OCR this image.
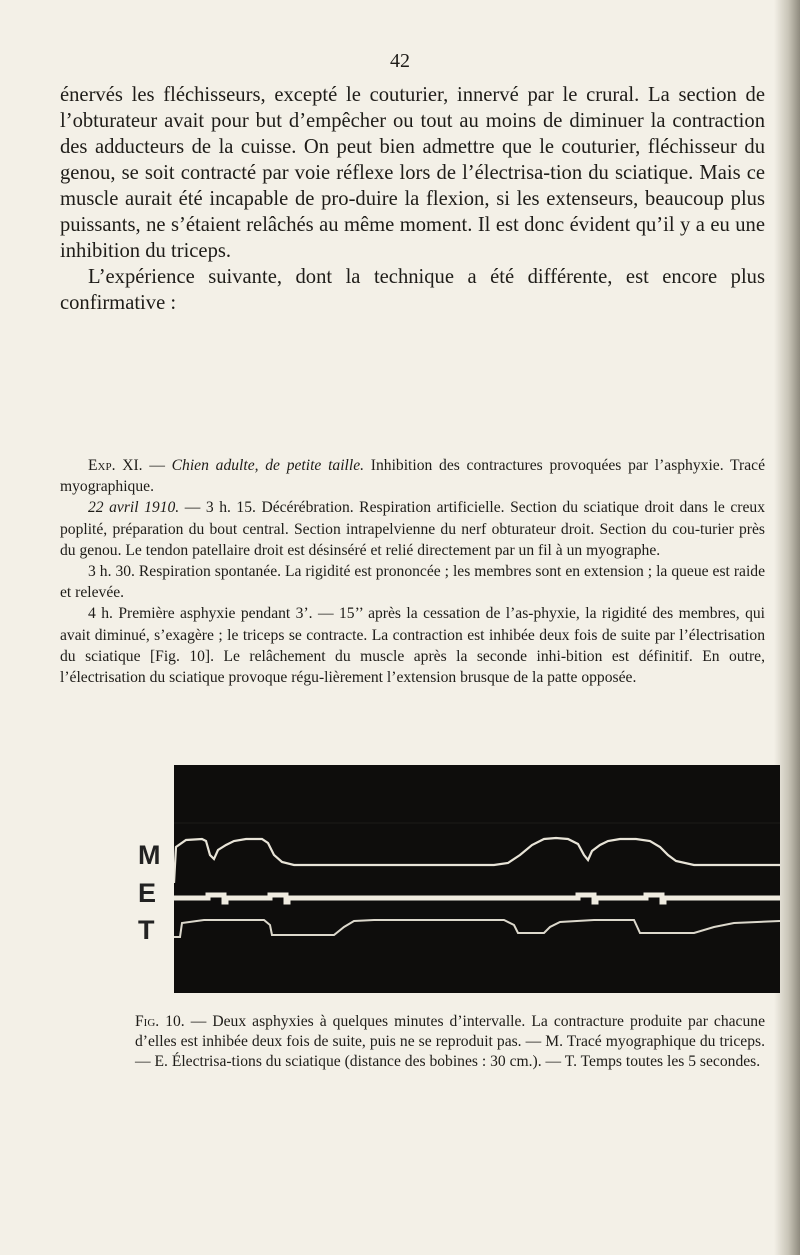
42

énervés les fléchisseurs, excepté le couturier, innervé par le crural. La section de l’obturateur avait pour but d’empêcher ou tout au moins de diminuer la contraction des adducteurs de la cuisse. On peut bien admettre que le couturier, fléchisseur du genou, se soit contracté par voie réflexe lors de l’électrisa-tion du sciatique. Mais ce muscle aurait été incapable de pro-duire la flexion, si les extenseurs, beaucoup plus puissants, ne s’étaient relâchés au même moment. Il est donc évident qu’il y a eu une inhibition du triceps.

L’expérience suivante, dont la technique a été différente, est encore plus confirmative :

Exp. XI. — Chien adulte, de petite taille. Inhibition des contractures provoquées par l’asphyxie. Tracé myographique.

22 avril 1910. — 3 h. 15. Décérébration. Respiration artificielle. Section du sciatique droit dans le creux poplité, préparation du bout central. Section intrapelvienne du nerf obturateur droit. Section du cou-turier près du genou. Le tendon patellaire droit est désinséré et relié directement par un fil à un myographe.

3 h. 30. Respiration spontanée. La rigidité est prononcée ; les membres sont en extension ; la queue est raide et relevée.

4 h. Première asphyxie pendant 3’. — 15’’ après la cessation de l’as-phyxie, la rigidité des membres, qui avait diminué, s’exagère ; le triceps se contracte. La contraction est inhibée deux fois de suite par l’électrisation du sciatique [Fig. 10]. Le relâchement du muscle après la seconde inhi-bition est définitif. En outre, l’électrisation du sciatique provoque régu-lièrement l’extension brusque de la patte opposée.

M
E
T
Fig. 10. — Deux asphyxies à quelques minutes d’intervalle. La contracture produite par chacune d’elles est inhibée deux fois de suite, puis ne se reproduit pas. — M. Tracé myographique du triceps. — E. Électrisa-tions du sciatique (distance des bobines : 30 cm.). — T. Temps toutes les 5 secondes.
